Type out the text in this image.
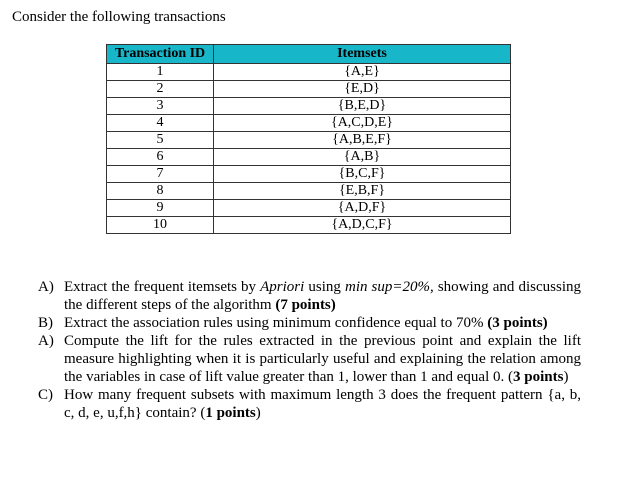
Consider the following transactions
Transaction ID	Itemsets
1	{A,E}
2	{E,D}
3	{B,E,D}
4	{A,C,D,E}
5	{A,B,E,F}
6	{A,B}
7	{B,C,F}
8	{E,B,F}
9	{A,D,F}
10	{A,D,C,F}

A) Extract the frequent itemsets by Apriori using min sup=20%, showing and discussing the different steps of the algorithm (7 points)

B) Extract the association rules using minimum confidence equal to 70% (3 points)

A) Compute the lift for the rules extracted in the previous point and explain the lift measure highlighting when it is particularly useful and explaining the relation among the variables in case of lift value greater than 1, lower than 1 and equal 0. (3 points)

C) How many frequent subsets with maximum length 3 does the frequent pattern {a, b, c, d, e, u,f,h} contain? (1 points)
